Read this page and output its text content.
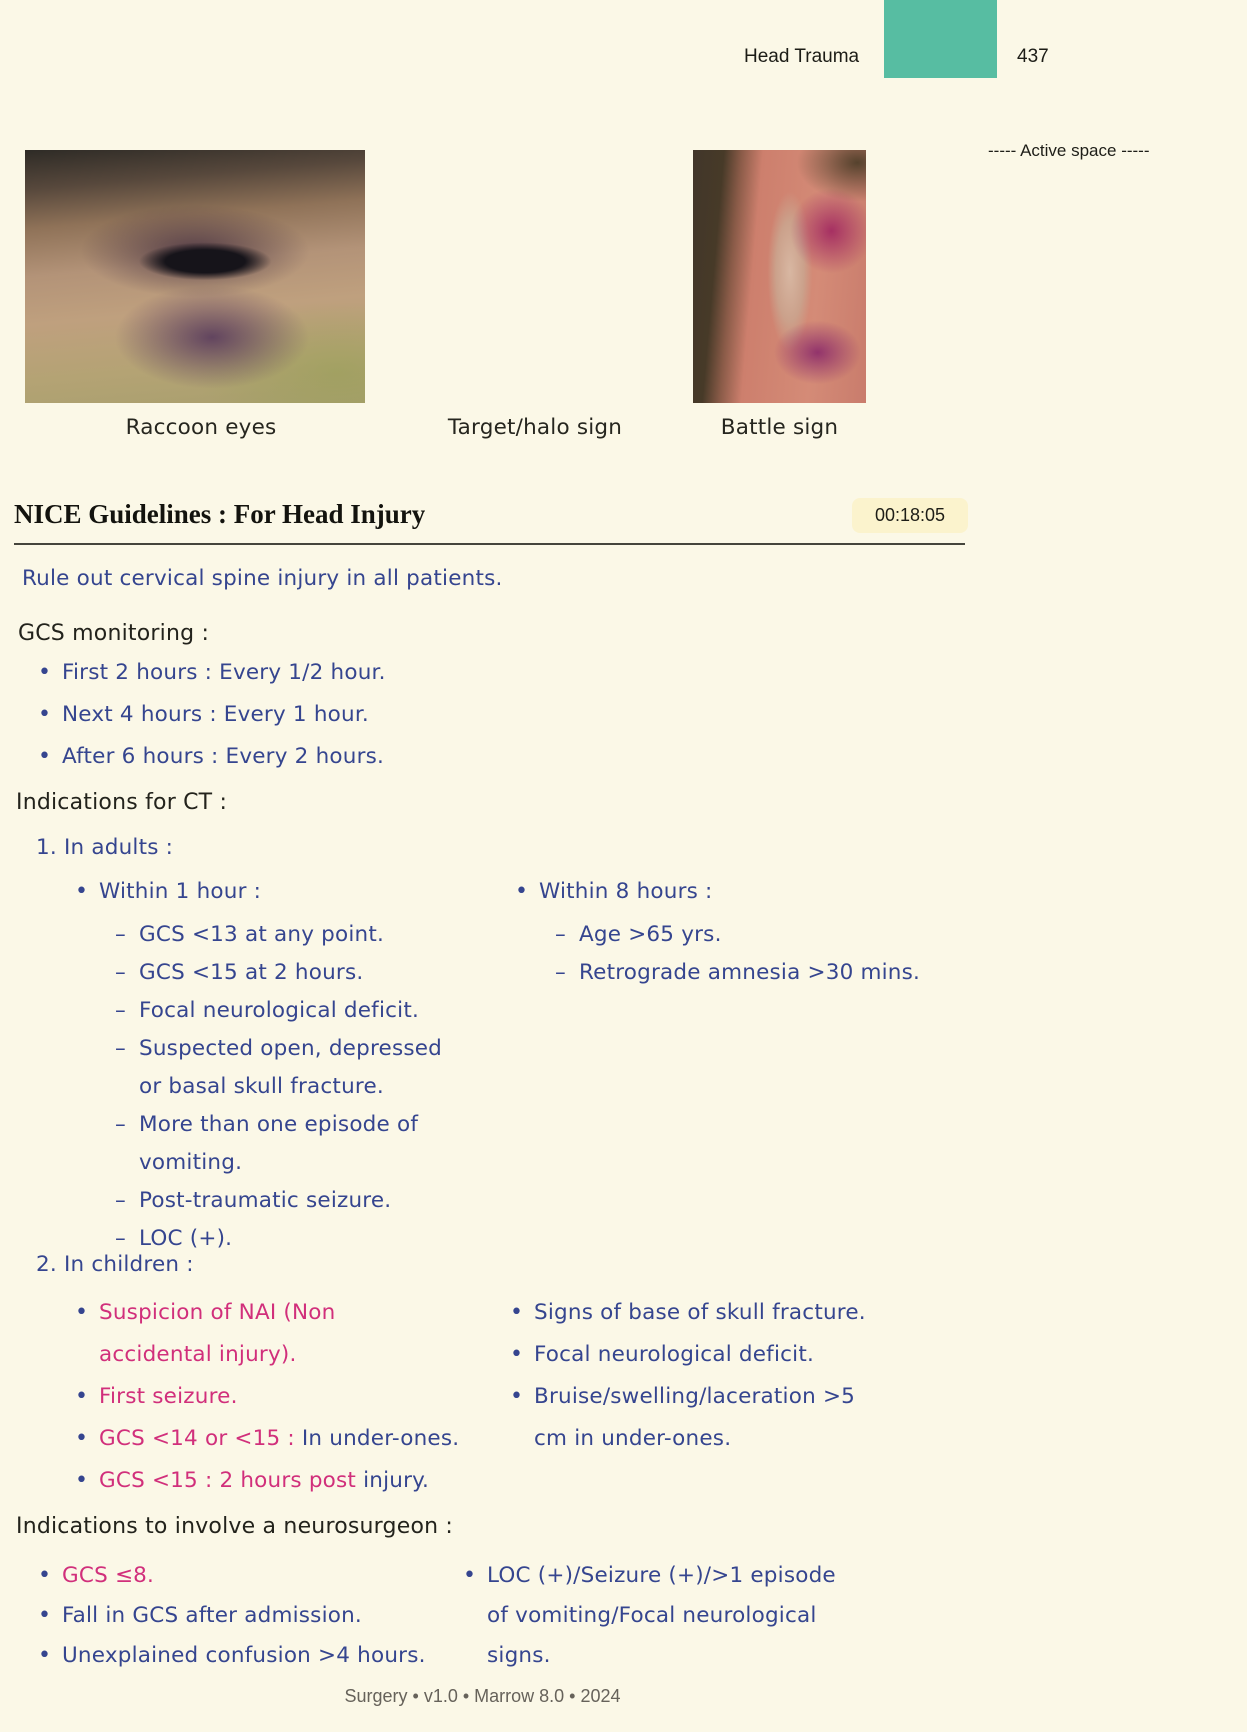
Head Trauma	437
----- Active space -----
Raccoon eyes	Target/halo sign	Battle sign
NICE Guidelines : For Head Injury	00:18:05
Rule out cervical spine injury in all patients.
GCS monitoring :
• First 2 hours : Every 1/2 hour.
• Next 4 hours : Every 1 hour.
• After 6 hours : Every 2 hours.
Indications for CT :
1. In adults :
• Within 1 hour :
– GCS <13 at any point.
– GCS <15 at 2 hours.
– Focal neurological deficit.
– Suspected open, depressed or basal skull fracture.
– More than one episode of vomiting.
– Post-traumatic seizure.
– LOC (+).
• Within 8 hours :
– Age >65 yrs.
– Retrograde amnesia >30 mins.
2. In children :
• Suspicion of NAI (Non accidental injury).
• First seizure.
• GCS <14 or <15 : In under-ones.
• GCS <15 : 2 hours post injury.
• Signs of base of skull fracture.
• Focal neurological deficit.
• Bruise/swelling/laceration >5 cm in under-ones.
Indications to involve a neurosurgeon :
• GCS ≤8.
• Fall in GCS after admission.
• Unexplained confusion >4 hours.
• LOC (+)/Seizure (+)/>1 episode of vomiting/Focal neurological signs.
Surgery • v1.0 • Marrow 8.0 • 2024
